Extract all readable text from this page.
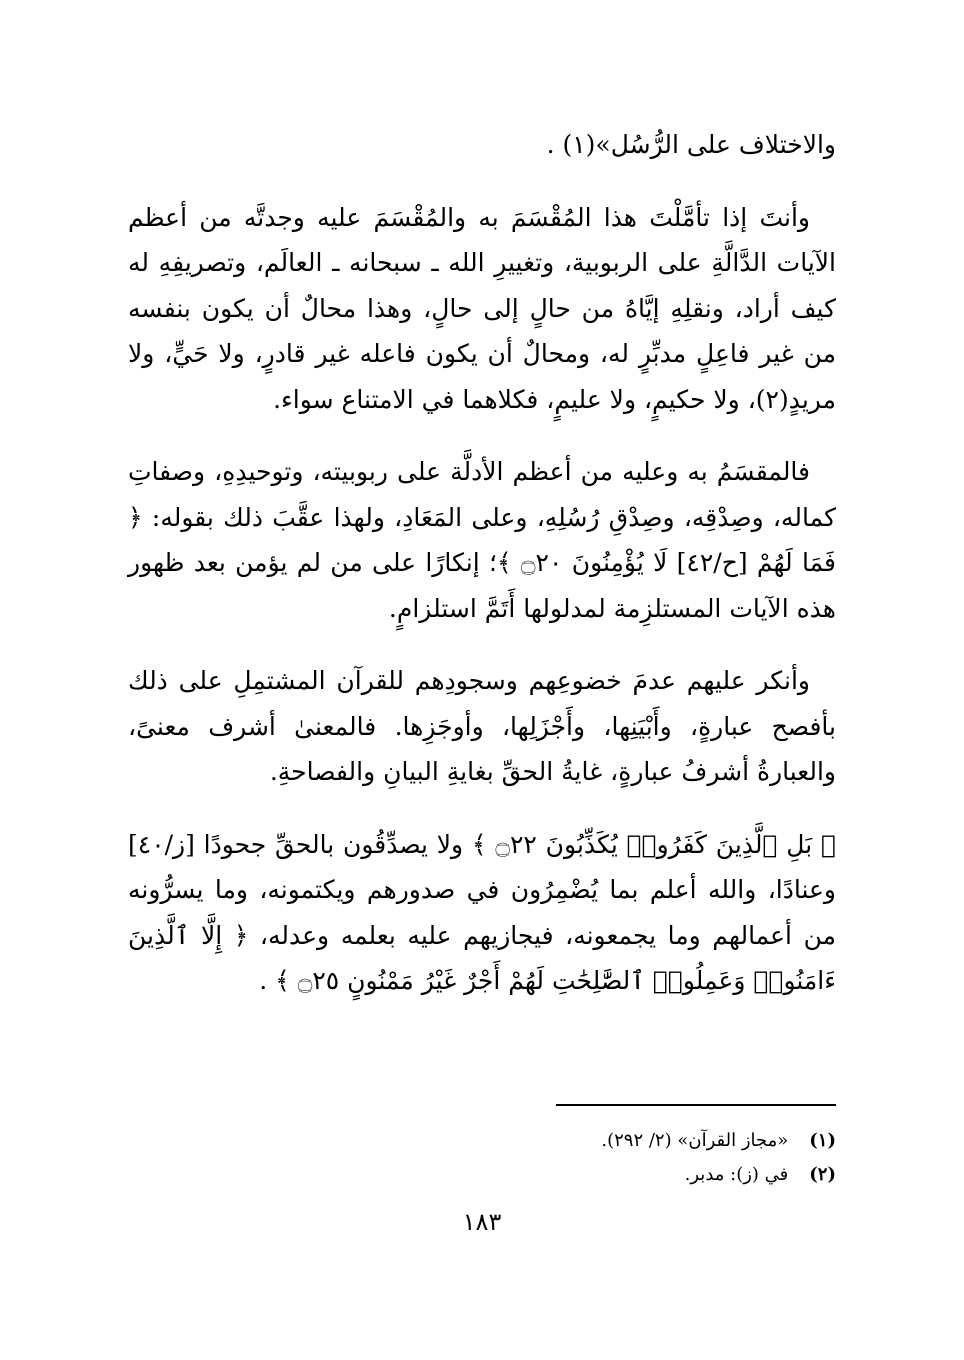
والاختلاف على الرُّسُل»(١) .

وأنتَ إذا تأمَّلْتَ هذا المُقْسَمَ به والمُقْسَمَ عليه وجدتَّه من أعظم الآيات الدَّالَّةِ على الربوبية، وتغييرِ الله ـ سبحانه ـ العالَم، وتصريفِهِ له كيف أراد، ونقلِهِ إيَّاهُ من حالٍ إلى حالٍ، وهذا محالٌ أن يكون بنفسه من غير فاعِلٍ مدبِّرٍ له، ومحالٌ أن يكون فاعله غير قادرٍ، ولا حَيٍّ، ولا مريدٍ(٢)، ولا حكيمٍ، ولا عليمٍ، فكلاهما في الامتناع سواء.

فالمقسَمُ به وعليه من أعظم الأدلَّة على ربوبيته، وتوحيدِهِ، وصفاتِ كماله، وصِدْقِه، وصِدْقِ رُسُلِهِ، وعلى المَعَادِ، ولهذا عقَّبَ ذلك بقوله: ﴿ فَمَا لَهُمْ [ح/٤٢] لَا يُؤْمِنُونَ ۝٢٠ ﴾؛ إنكارًا على من لم يؤمن بعد ظهور هذه الآيات المستلزِمة لمدلولها أَتَمَّ استلزامٍ.

وأنكر عليهم عدمَ خضوعِهم وسجودِهم للقرآن المشتمِلِ على ذلك بأفصح عبارةٍ، وأَبْيَنِها، وأَجْزَلِها، وأوجَزِها. فالمعنىٰ أشرف معنىً، والعبارةُ أشرفُ عبارةٍ، غايةُ الحقِّ بغايةِ البيانِ والفصاحةِ.

﴿ بَلِ ٱلَّذِينَ كَفَرُوا۟ يُكَذِّبُونَ ۝٢٢ ﴾ ولا يصدِّقُون بالحقِّ جحودًا [ز/٤٠] وعنادًا، والله أعلم بما يُضْمِرُون في صدورهم ويكتمونه، وما يسرُّونه من أعمالهم وما يجمعونه، فيجازيهم عليه بعلمه وعدله، ﴿ إِلَّا ٱلَّذِينَ ءَامَنُوا۟ وَعَمِلُوا۟ ٱلصَّٰلِحَٰتِ لَهُمْ أَجْرٌ غَيْرُ مَمْنُونٍ ۝٢٥ ﴾ .

(١) «مجاز القرآن» (٢/ ٢٩٢).
(٢) في (ز): مدبر.
١٨٣
